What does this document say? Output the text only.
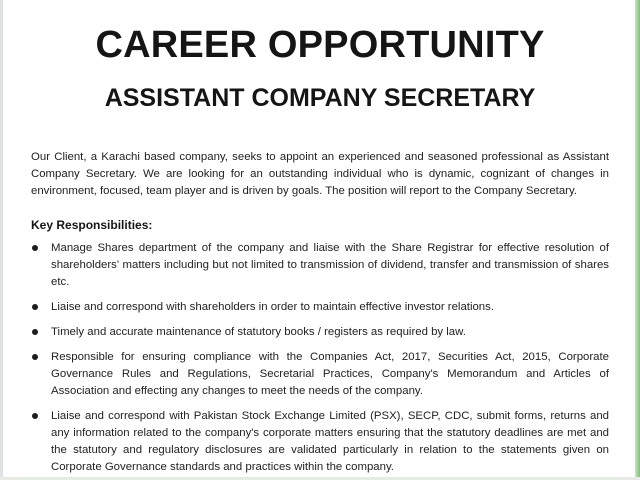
CAREER OPPORTUNITY
ASSISTANT COMPANY SECRETARY
Our Client, a Karachi based company, seeks to appoint an experienced and seasoned professional as Assistant Company Secretary. We are looking for an outstanding individual who is dynamic, cognizant of changes in environment, focused, team player and is driven by goals. The position will report to the Company Secretary.
Key Responsibilities:
Manage Shares department of the company and liaise with the Share Registrar for effective resolution of shareholders' matters including but not limited to transmission of dividend, transfer and transmission of shares etc.
Liaise and correspond with shareholders in order to maintain effective investor relations.
Timely and accurate maintenance of statutory books / registers as required by law.
Responsible for ensuring compliance with the Companies Act, 2017, Securities Act, 2015, Corporate Governance Rules and Regulations, Secretarial Practices, Company's Memorandum and Articles of Association and effecting any changes to meet the needs of the company.
Liaise and correspond with Pakistan Stock Exchange Limited (PSX), SECP, CDC, submit forms, returns and any information related to the company's corporate matters ensuring that the statutory deadlines are met and the statutory and regulatory disclosures are validated particularly in relation to the statements given on Corporate Governance standards and practices within the company.
